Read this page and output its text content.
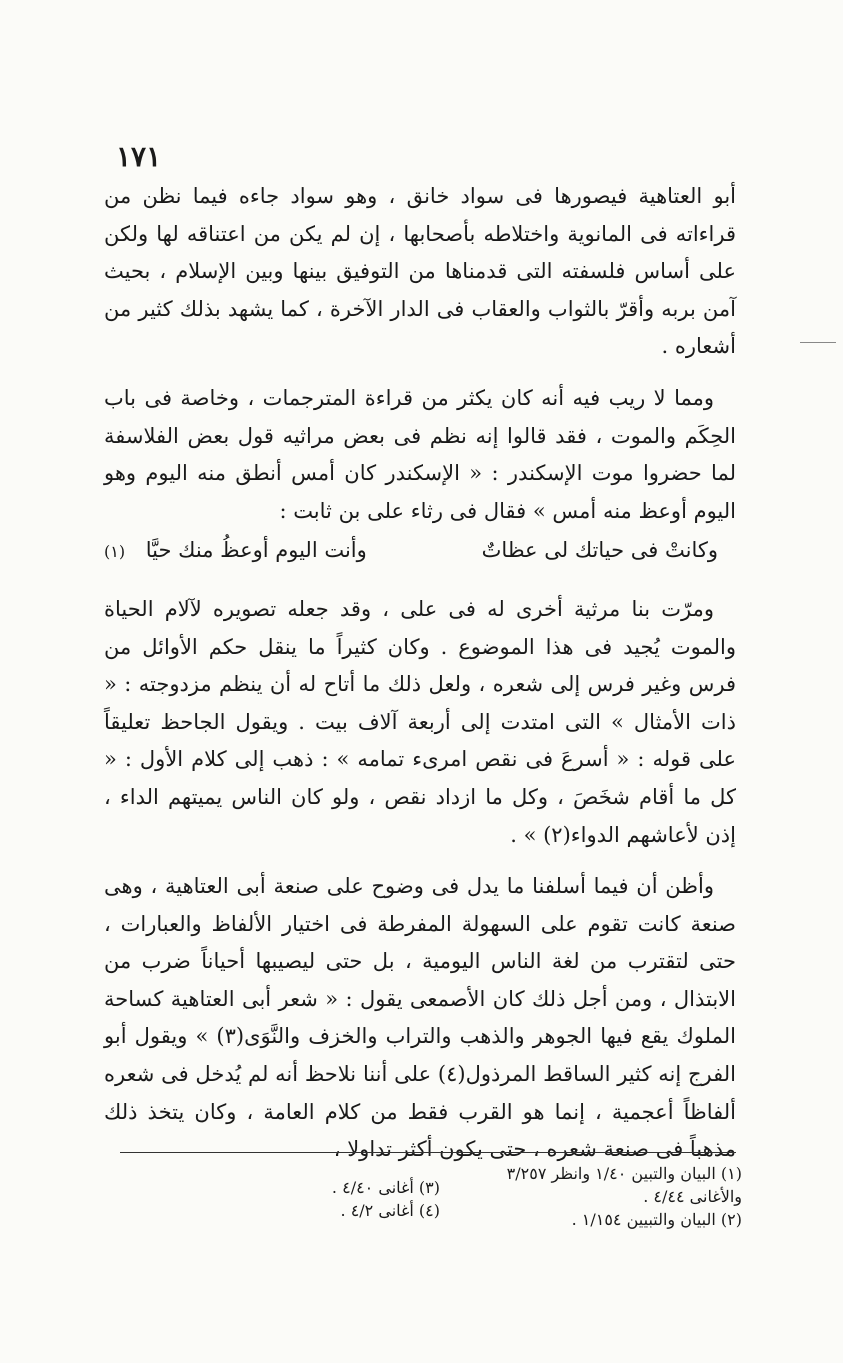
١٧١

أبو العتاهية فيصورها فى سواد خانق ، وهو سواد جاءه فيما نظن من قراءاته فى المانوية واختلاطه بأصحابها ، إن لم يكن من اعتناقه لها ولكن على أساس فلسفته التى قدمناها من التوفيق بينها وبين الإسلام ، بحيث آمن بربه وأقرّ بالثواب والعقاب فى الدار الآخرة ، كما يشهد بذلك كثير من أشعاره .

ومما لا ريب فيه أنه كان يكثر من قراءة المترجمات ، وخاصة فى باب الحِكَم والموت ، فقد قالوا إنه نظم فى بعض مراثيه قول بعض الفلاسفة لما حضروا موت الإسكندر : « الإسكندر كان أمس أنطق منه اليوم وهو اليوم أوعظ منه أمس » فقال فى رثاء على بن ثابت :

وكانتْ فى حياتك لى عظاتٌ
وأنت اليوم أوعظُ منك حيَّا (١)

ومرّت بنا مرثية أخرى له فى على ، وقد جعله تصويره لآلام الحياة والموت يُجيد فى هذا الموضوع . وكان كثيراً ما ينقل حكم الأوائل من فرس وغير فرس إلى شعره ، ولعل ذلك ما أتاح له أن ينظم مزدوجته : « ذات الأمثال » التى امتدت إلى أربعة آلاف بيت . ويقول الجاحظ تعليقاً على قوله : « أسرعَ فى نقص امرىء تمامه » : ذهب إلى كلام الأول : « كل ما أقام شخَصَ ، وكل ما ازداد نقص ، ولو كان الناس يميتهم الداء ، إذن لأعاشهم الدواء(٢) » .

وأظن أن فيما أسلفنا ما يدل فى وضوح على صنعة أبى العتاهية ، وهى صنعة كانت تقوم على السهولة المفرطة فى اختيار الألفاظ والعبارات ، حتى لتقترب من لغة الناس اليومية ، بل حتى ليصيبها أحياناً ضرب من الابتذال ، ومن أجل ذلك كان الأصمعى يقول : « شعر أبى العتاهية كساحة الملوك يقع فيها الجوهر والذهب والتراب والخزف والنَّوَى(٣) » ويقول أبو الفرج إنه كثير الساقط المرذول(٤) على أننا نلاحظ أنه لم يُدخل فى شعره ألفاظاً أعجمية ، إنما هو القرب فقط من كلام العامة ، وكان يتخذ ذلك مذهباً فى صنعة شعره ، حتى يكون أكثر تداولا ،

(١) البيان والتبين ١/٤٠ وانظر ٣/٢٥٧
والأغانى ٤/٤٤ .
(٢) البيان والتبيين ١/١٥٤ .
(٣) أغانى ٤/٤٠ .
(٤) أغانى ٤/٢ .
